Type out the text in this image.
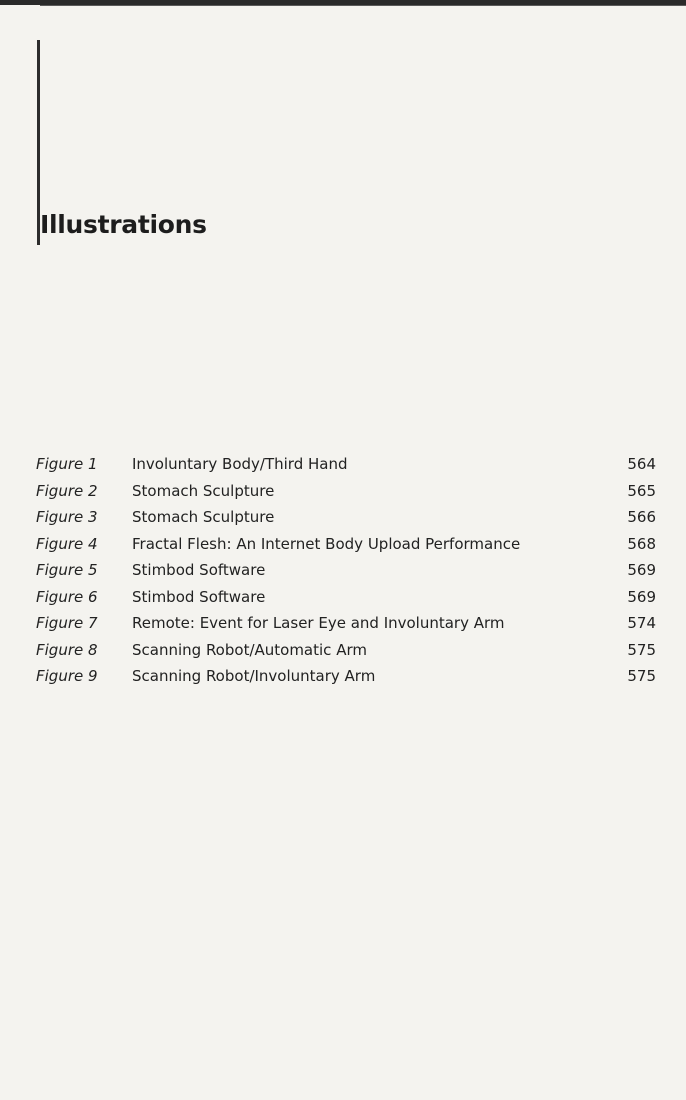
Illustrations
Figure 1 Involuntary Body/Third Hand	564
Figure 2 Stomach Sculpture	565
Figure 3 Stomach Sculpture	566
Figure 4 Fractal Flesh: An Internet Body Upload Performance	568
Figure 5 Stimbod Software	569
Figure 6 Stimbod Software	569
Figure 7 Remote: Event for Laser Eye and Involuntary Arm	574
Figure 8 Scanning Robot/Automatic Arm	575
Figure 9 Scanning Robot/Involuntary Arm	575
